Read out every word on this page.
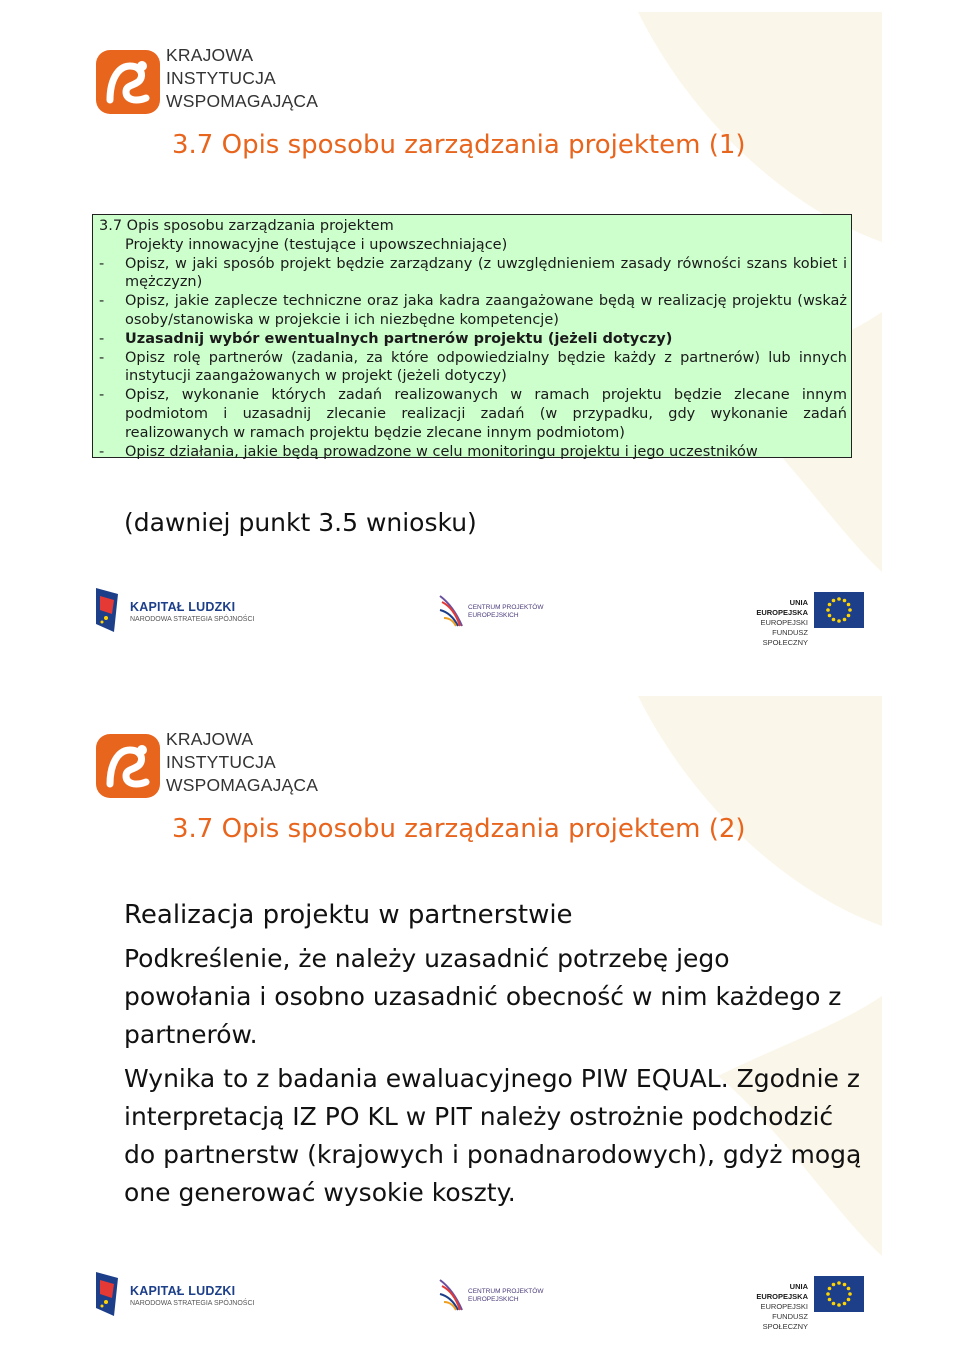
KRAJOWA
INSTYTUCJA
WSPOMAGAJĄCA
3.7 Opis sposobu zarządzania projektem (1)
3.7 Opis sposobu zarządzania projektem
Projekty innowacyjne (testujące i upowszechniające)
-	Opisz, w jaki sposób projekt będzie zarządzany (z uwzględnieniem zasady równości szans kobiet i mężczyzn)
-	Opisz, jakie zaplecze techniczne oraz jaka kadra zaangażowane będą w realizację projektu (wskaż osoby/stanowiska w projekcie i ich niezbędne kompetencje)
-	Uzasadnij wybór ewentualnych partnerów projektu (jeżeli dotyczy)
-	Opisz rolę partnerów (zadania, za które odpowiedzialny będzie każdy z partnerów) lub innych instytucji zaangażowanych w projekt (jeżeli dotyczy)
-	Opisz, wykonanie których zadań realizowanych w ramach projektu będzie zlecane innym podmiotom i uzasadnij zlecanie realizacji zadań (w przypadku, gdy wykonanie zadań realizowanych w ramach projektu będzie zlecane innym podmiotom)
-	Opisz działania, jakie będą prowadzone w celu monitoringu projektu i jego uczestników
(dawniej punkt 3.5 wniosku)
KAPITAŁ LUDZKI
NARODOWA STRATEGIA SPÓJNOŚCI
CENTRUM PROJEKTÓW
EUROPEJSKICH
UNIA EUROPEJSKA
EUROPEJSKI
FUNDUSZ SPOŁECZNY
KRAJOWA
INSTYTUCJA
WSPOMAGAJĄCA
3.7 Opis sposobu zarządzania projektem (2)
Realizacja projektu w partnerstwie

Podkreślenie, że należy uzasadnić potrzebę jego powołania i osobno uzasadnić obecność w nim każdego z partnerów.

Wynika to z badania ewaluacyjnego PIW EQUAL. Zgodnie z interpretacją IZ PO KL w PIT należy ostrożnie podchodzić do partnerstw (krajowych i ponadnarodowych), gdyż mogą one generować wysokie koszty.

KAPITAŁ LUDZKI
NARODOWA STRATEGIA SPÓJNOŚCI
CENTRUM PROJEKTÓW
EUROPEJSKICH
UNIA EUROPEJSKA
EUROPEJSKI
FUNDUSZ SPOŁECZNY
